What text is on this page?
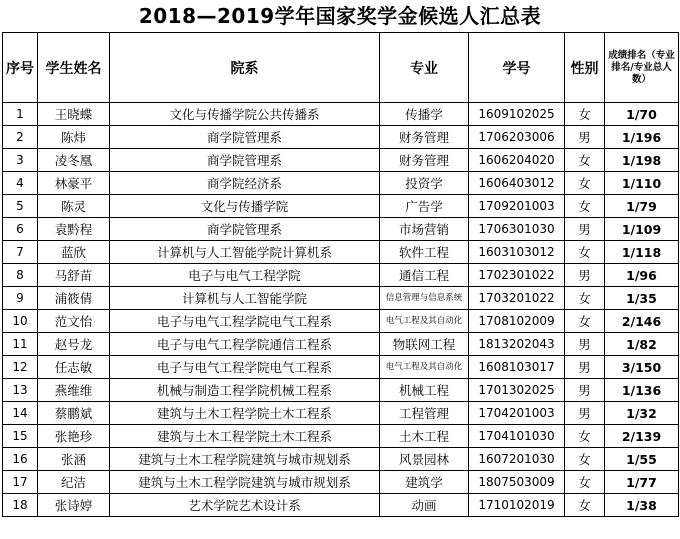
2018—2019学年国家奖学金候选人汇总表
序号	学生姓名	院系	专业	学号	性别	成绩排名（专业排名/专业总人数）
1	王晓蝶	文化与传播学院公共传播系	传播学	1609102025	女	1/70
2	陈炜	商学院管理系	财务管理	1706203006	男	1/196
3	凌冬凰	商学院管理系	财务管理	1606204020	女	1/198
4	林豪平	商学院经济系	投资学	1606403012	女	1/110
5	陈灵	文化与传播学院	广告学	1709201003	女	1/79
6	袁黔程	商学院管理系	市场营销	1706301030	男	1/109
7	蓝欣	计算机与人工智能学院计算机系	软件工程	1603103012	女	1/118
8	马舒苗	电子与电气工程学院	通信工程	1702301022	男	1/96
9	浦筱倩	计算机与人工智能学院	信息管理与信息系统	1703201022	女	1/35
10	范文怡	电子与电气工程学院电气工程系	电气工程及其自动化	1708102009	女	2/146
11	赵号龙	电子与电气工程学院通信工程系	物联网工程	1813202043	男	1/82
12	任志敏	电子与电气工程学院电气工程系	电气工程及其自动化	1608103017	男	3/150
13	燕维维	机械与制造工程学院机械工程系	机械工程	1701302025	男	1/136
14	蔡鹏斌	建筑与土木工程学院土木工程系	工程管理	1704201003	男	1/32
15	张艳珍	建筑与土木工程学院土木工程系	土木工程	1704101030	女	2/139
16	张涵	建筑与土木工程学院建筑与城市规划系	风景园林	1607201030	女	1/55
17	纪洁	建筑与土木工程学院建筑与城市规划系	建筑学	1807503009	女	1/77
18	张诗婷	艺术学院艺术设计系	动画	1710102019	女	1/38
